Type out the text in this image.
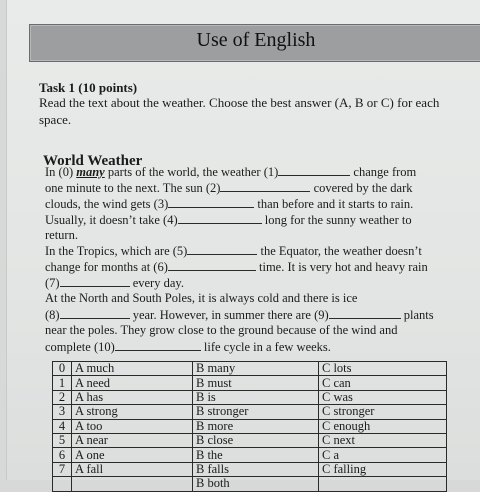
Use of English
Task 1 (10 points)
Read the text about the weather. Choose the best answer (A, B or C) for each
space.
World Weather
In (0) many parts of the world, the weather (1)	change from
one minute to the next. The sun (2)	covered by the dark
clouds, the wind gets (3)	than before and it starts to rain.
Usually, it doesn’t take (4)	long for the sunny weather to
return.
In the Tropics, which are (5)	the Equator, the weather doesn’t
change for months at (6)	time. It is very hot and heavy rain
(7)	every day.
At the North and South Poles, it is always cold and there is ice
(8)	year. However, in summer there are (9)	plants
near the poles. They grow close to the ground because of the wind and
complete (10)	life cycle in a few weeks.
0	A much	B many	C lots
1	A need	B must	C can
2	A has	B is	C was
3	A strong	B stronger	C stronger
4	A too	B more	C enough
5	A near	B close	C next
6	A one	B the	C a
7	A fall	B falls	C falling
		B both	
